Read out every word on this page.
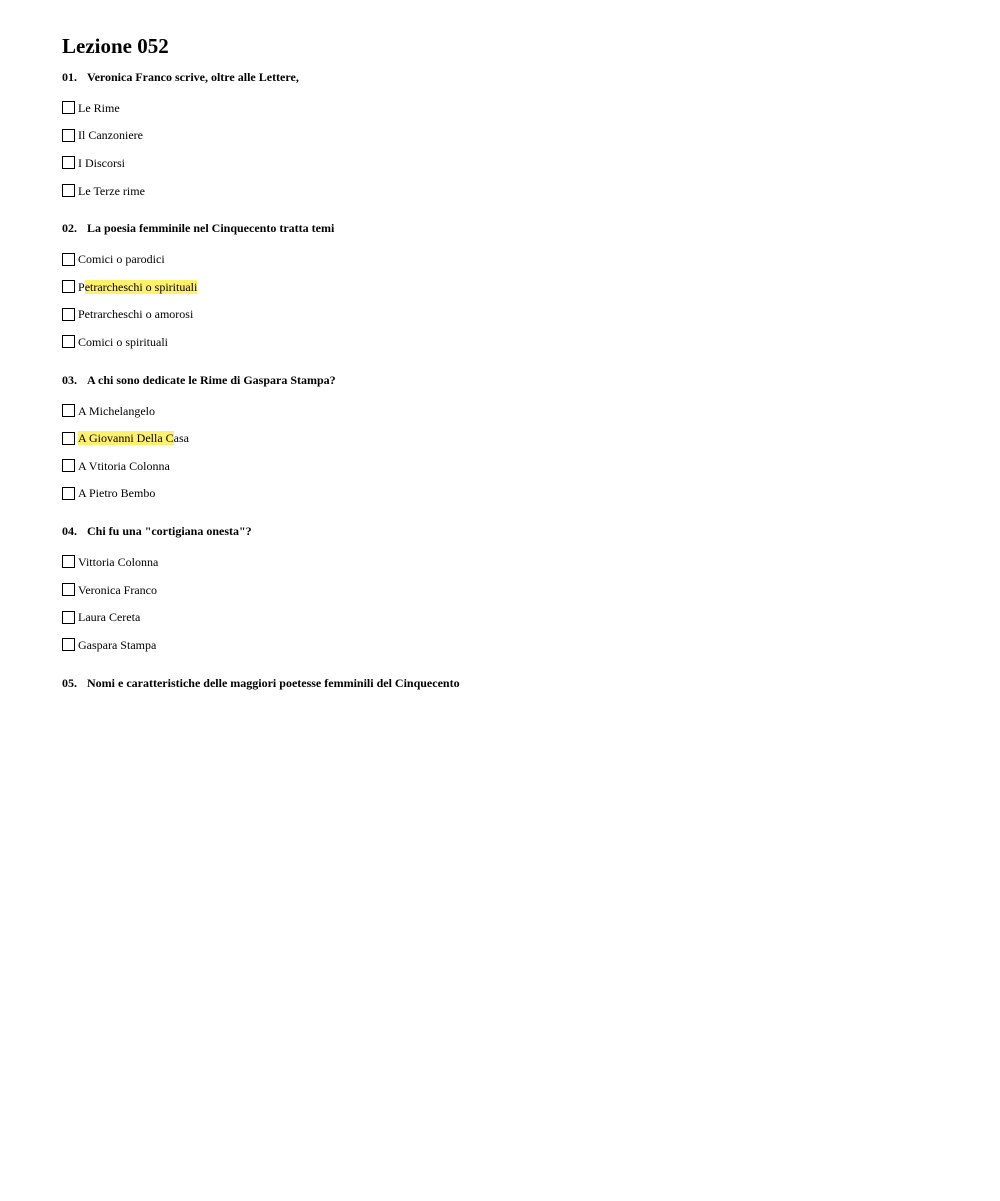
Lezione 052
01. Veronica Franco scrive, oltre alle Lettere,
Le Rime
Il Canzoniere
I Discorsi
Le Terze rime
02. La poesia femminile nel Cinquecento tratta temi
Comici o parodici
Petrarcheschi o spirituali
Petrarcheschi o amorosi
Comici o spirituali
03. A chi sono dedicate le Rime di Gaspara Stampa?
A Michelangelo
A Giovanni Della Casa
A Vtitoria Colonna
A Pietro Bembo
04. Chi fu una "cortigiana onesta"?
Vittoria Colonna
Veronica Franco
Laura Cereta
Gaspara Stampa
05. Nomi e caratteristiche delle maggiori poetesse femminili del Cinquecento
